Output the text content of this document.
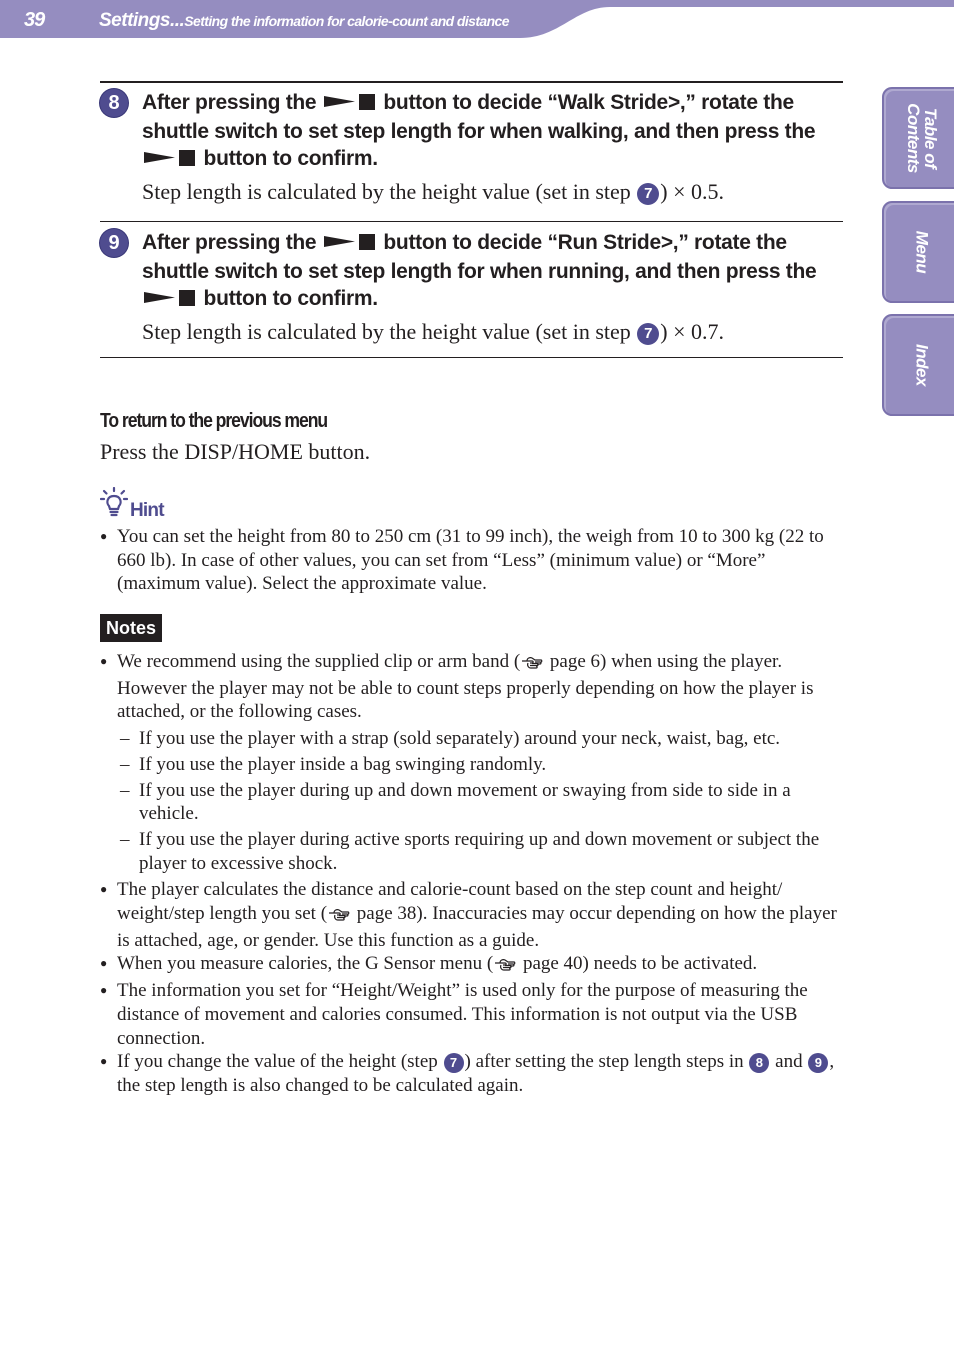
39	Settings...Setting the information for calorie-count and distance
Table of
Contents
Menu
Index
8	After pressing the	button to decide “Walk Stride>,” rotate the shuttle switch to set step length for when walking, and then press the  button to confirm.

Step length is calculated by the height value (set in step 7 ) × 0.5.

9	After pressing the	button to decide “Run Stride>,” rotate the shuttle switch to set step length for when running, and then press the  button to confirm.

Step length is calculated by the height value (set in step 7 ) × 0.7.

To return to the previous menu

Press the DISP/HOME button.

Hint
● You can set the height from 80 to 250 cm (31 to 99 inch), the weigh from 10 to 300 kg (22 to 660 lb). In case of other values, you can set from “Less” (minimum value) or “More” (maximum value). Select the approximate value.
Notes
● We recommend using the supplied clip or arm band ( page 6) when using the player. However the player may not be able to count steps properly depending on how the player is attached, or the following cases.
– If you use the player with a strap (sold separately) around your neck, waist, bag, etc.
– If you use the player inside a bag swinging randomly.
– If you use the player during up and down movement or swaying from side to side in a vehicle.
– If you use the player during active sports requiring up and down movement or subject the player to excessive shock.
● The player calculates the distance and calorie-count based on the step count and height/ weight/step length you set ( page 38). Inaccuracies may occur depending on how the player is attached, age, or gender. Use this function as a guide.
● When you measure calories, the G Sensor menu ( page 40) needs to be activated.
● The information you set for “Height/Weight” is used only for the purpose of measuring the distance of movement and calories consumed. This information is not output via the USB connection.
● If you change the value of the height (step 7 ) after setting the step length steps in 8 and 9 , the step length is also changed to be calculated again.
